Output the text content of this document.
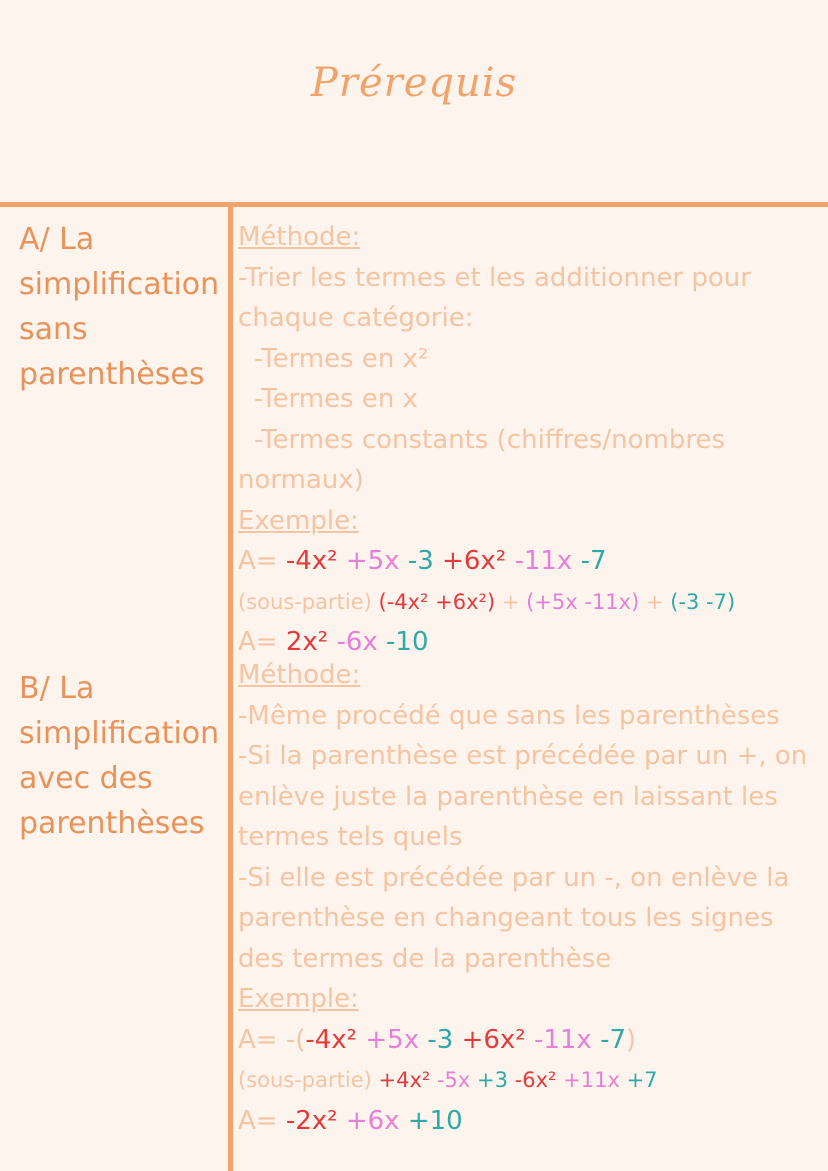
Prérequis
A/ La
simplification
sans
parenthèses
Méthode:
-Trier les termes et les additionner pour
chaque catégorie:
-Termes en x²
-Termes en x
-Termes constants (chiffres/nombres
normaux)
Exemple:
A= -4x² +5x -3 +6x² -11x -7
(sous-partie) (-4x² +6x²) + (+5x -11x) + (-3 -7)
A= 2x² -6x -10
B/ La
simplification
avec des
parenthèses
Méthode:
-Même procédé que sans les parenthèses
-Si la parenthèse est précédée par un +, on
enlève juste la parenthèse en laissant les
termes tels quels
-Si elle est précédée par un -, on enlève la
parenthèse en changeant tous les signes
des termes de la parenthèse
Exemple:
A= -(-4x² +5x -3 +6x² -11x -7)
(sous-partie) +4x² -5x +3 -6x² +11x +7
A= -2x² +6x +10
